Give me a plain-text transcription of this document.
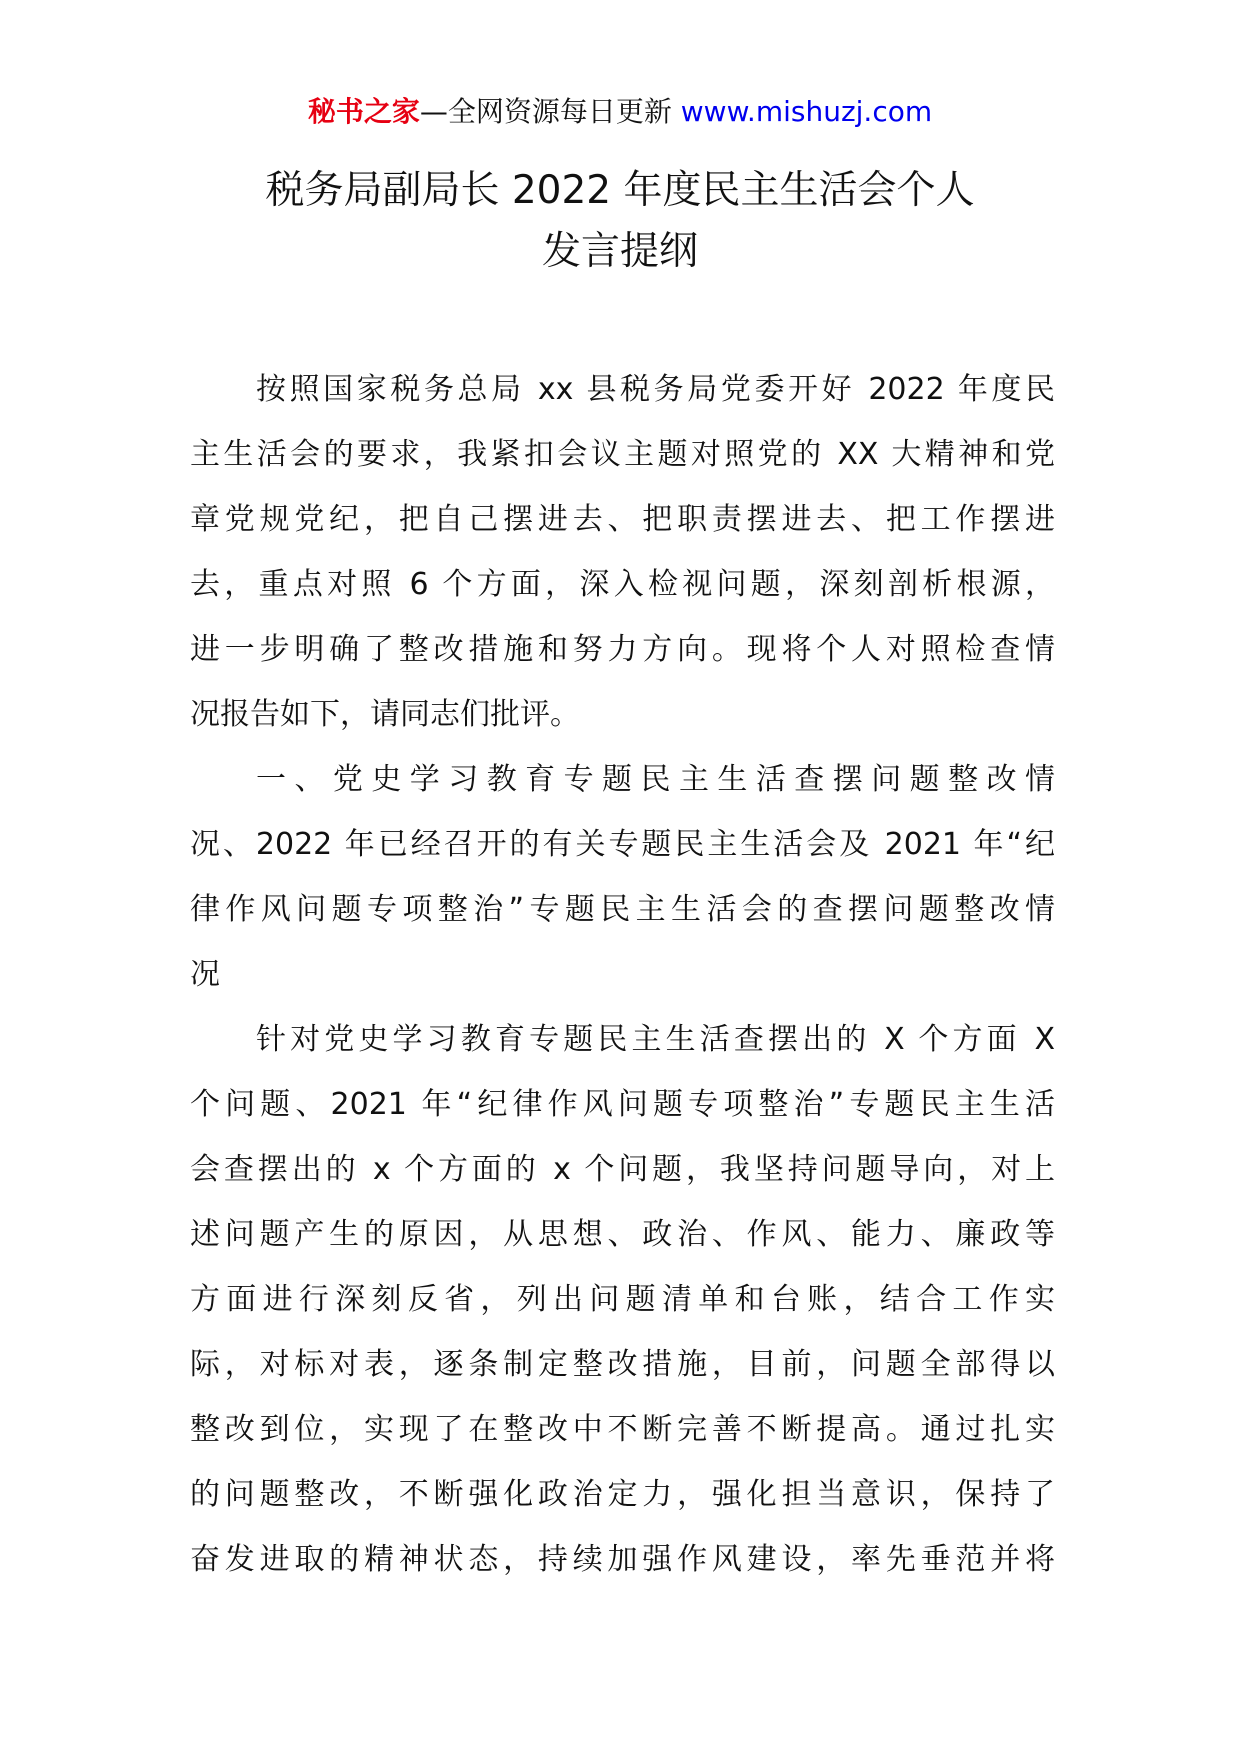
秘书之家—全网资源每日更新 www.mishuzj.com
税务局副局长 2022 年度民主生活会个人
发言提纲
按照国家税务总局 xx 县税务局党委开好 2022 年度民
主生活会的要求，我紧扣会议主题对照党的 XX 大精神和党
章党规党纪，把自己摆进去、把职责摆进去、把工作摆进
去，重点对照 6 个方面，深入检视问题，深刻剖析根源，
进一步明确了整改措施和努力方向。现将个人对照检查情
况报告如下，请同志们批评。
一、党史学习教育专题民主生活查摆问题整改情
况、2022 年已经召开的有关专题民主生活会及 2021 年“纪
律作风问题专项整治”专题民主生活会的查摆问题整改情
况
针对党史学习教育专题民主生活查摆出的 X 个方面 X
个问题、2021 年“纪律作风问题专项整治”专题民主生活
会查摆出的 x 个方面的 x 个问题，我坚持问题导向，对上
述问题产生的原因，从思想、政治、作风、能力、廉政等
方面进行深刻反省，列出问题清单和台账，结合工作实
际，对标对表，逐条制定整改措施，目前，问题全部得以
整改到位，实现了在整改中不断完善不断提高。通过扎实
的问题整改，不断强化政治定力，强化担当意识，保持了
奋发进取的精神状态，持续加强作风建设，率先垂范并将
